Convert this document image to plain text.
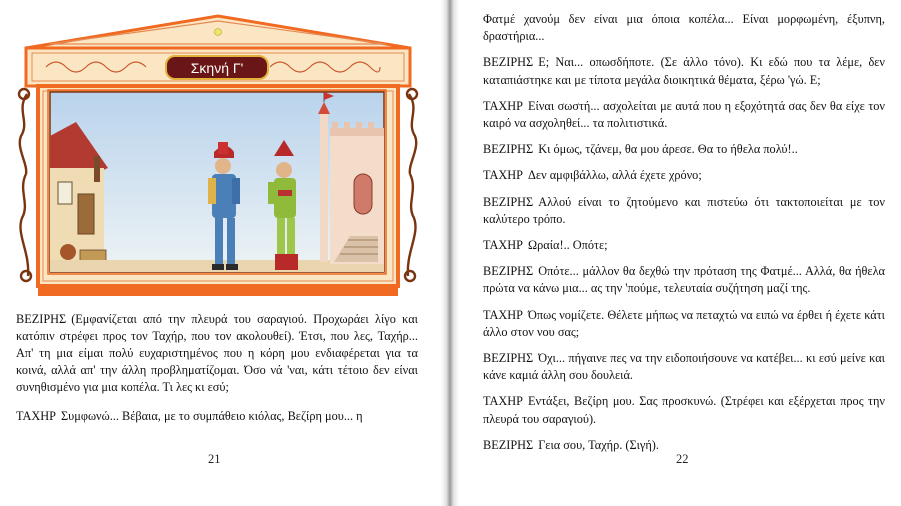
Σκηνή Γ'

ΒΕΖΙΡΗΣ (Εμφανίζεται από την πλευρά του σαραγιού. Προχωράει λίγο και κατόπιν στρέφει προς τον Ταχήρ, που τον ακολουθεί). Έτσι, που λες, Ταχήρ... Απ' τη μια είμαι πολύ ευχαριστημένος που η κόρη μου ενδιαφέρεται για τα κοινά, αλλά απ' την άλλη προβληματίζομαι. Όσο νά 'ναι, κάτι τέτοιο δεν είναι συνηθισμένο για μια κοπέλα. Τι λες κι εσύ;

ΤΑΧΗΡ Συμφωνώ... Βέβαια, με το συμπάθειο κιόλας, Βεζίρη μου... η

21

Φατμέ χανούμ δεν είναι μια όποια κοπέλα... Είναι μορφωμένη, έξυπνη, δραστήρια...

ΒΕΖΙΡΗΣ Ε; Ναι... οπωσδήποτε. (Σε άλλο τόνο). Κι εδώ που τα λέμε, δεν καταπιάστηκε και με τίποτα μεγάλα διοικητικά θέματα, ξέρω 'γώ. Ε;

ΤΑΧΗΡ Είναι σωστή... ασχολείται με αυτά που η εξοχότητά σας δεν θα είχε τον καιρό να ασχοληθεί... τα πολιτιστικά.

ΒΕΖΙΡΗΣ Κι όμως, τζάνεμ, θα μου άρεσε. Θα το ήθελα πολύ!..

ΤΑΧΗΡ Δεν αμφιβάλλω, αλλά έχετε χρόνο;

ΒΕΖΙΡΗΣ Αλλού είναι το ζητούμενο και πιστεύω ότι τακτοποιείται με τον καλύτερο τρόπο.

ΤΑΧΗΡ Ωραία!.. Οπότε;

ΒΕΖΙΡΗΣ Οπότε... μάλλον θα δεχθώ την πρόταση της Φατμέ... Αλλά, θα ήθελα πρώτα να κάνω μια... ας την 'πούμε, τελευταία συζήτηση μαζί της.

ΤΑΧΗΡ Όπως νομίζετε. Θέλετε μήπως να πεταχτώ να ειπώ να έρθει ή έχετε κάτι άλλο στον νου σας;

ΒΕΖΙΡΗΣ Όχι... πήγαινε πες να την ειδοποιήσουνε να κατέβει... κι εσύ μείνε και κάνε καμιά άλλη σου δουλειά.

ΤΑΧΗΡ Εντάξει, Βεζίρη μου. Σας προσκυνώ. (Στρέφει και εξέρχεται προς την πλευρά του σαραγιού).

ΒΕΖΙΡΗΣ Γεια σου, Ταχήρ. (Σιγή).

22
